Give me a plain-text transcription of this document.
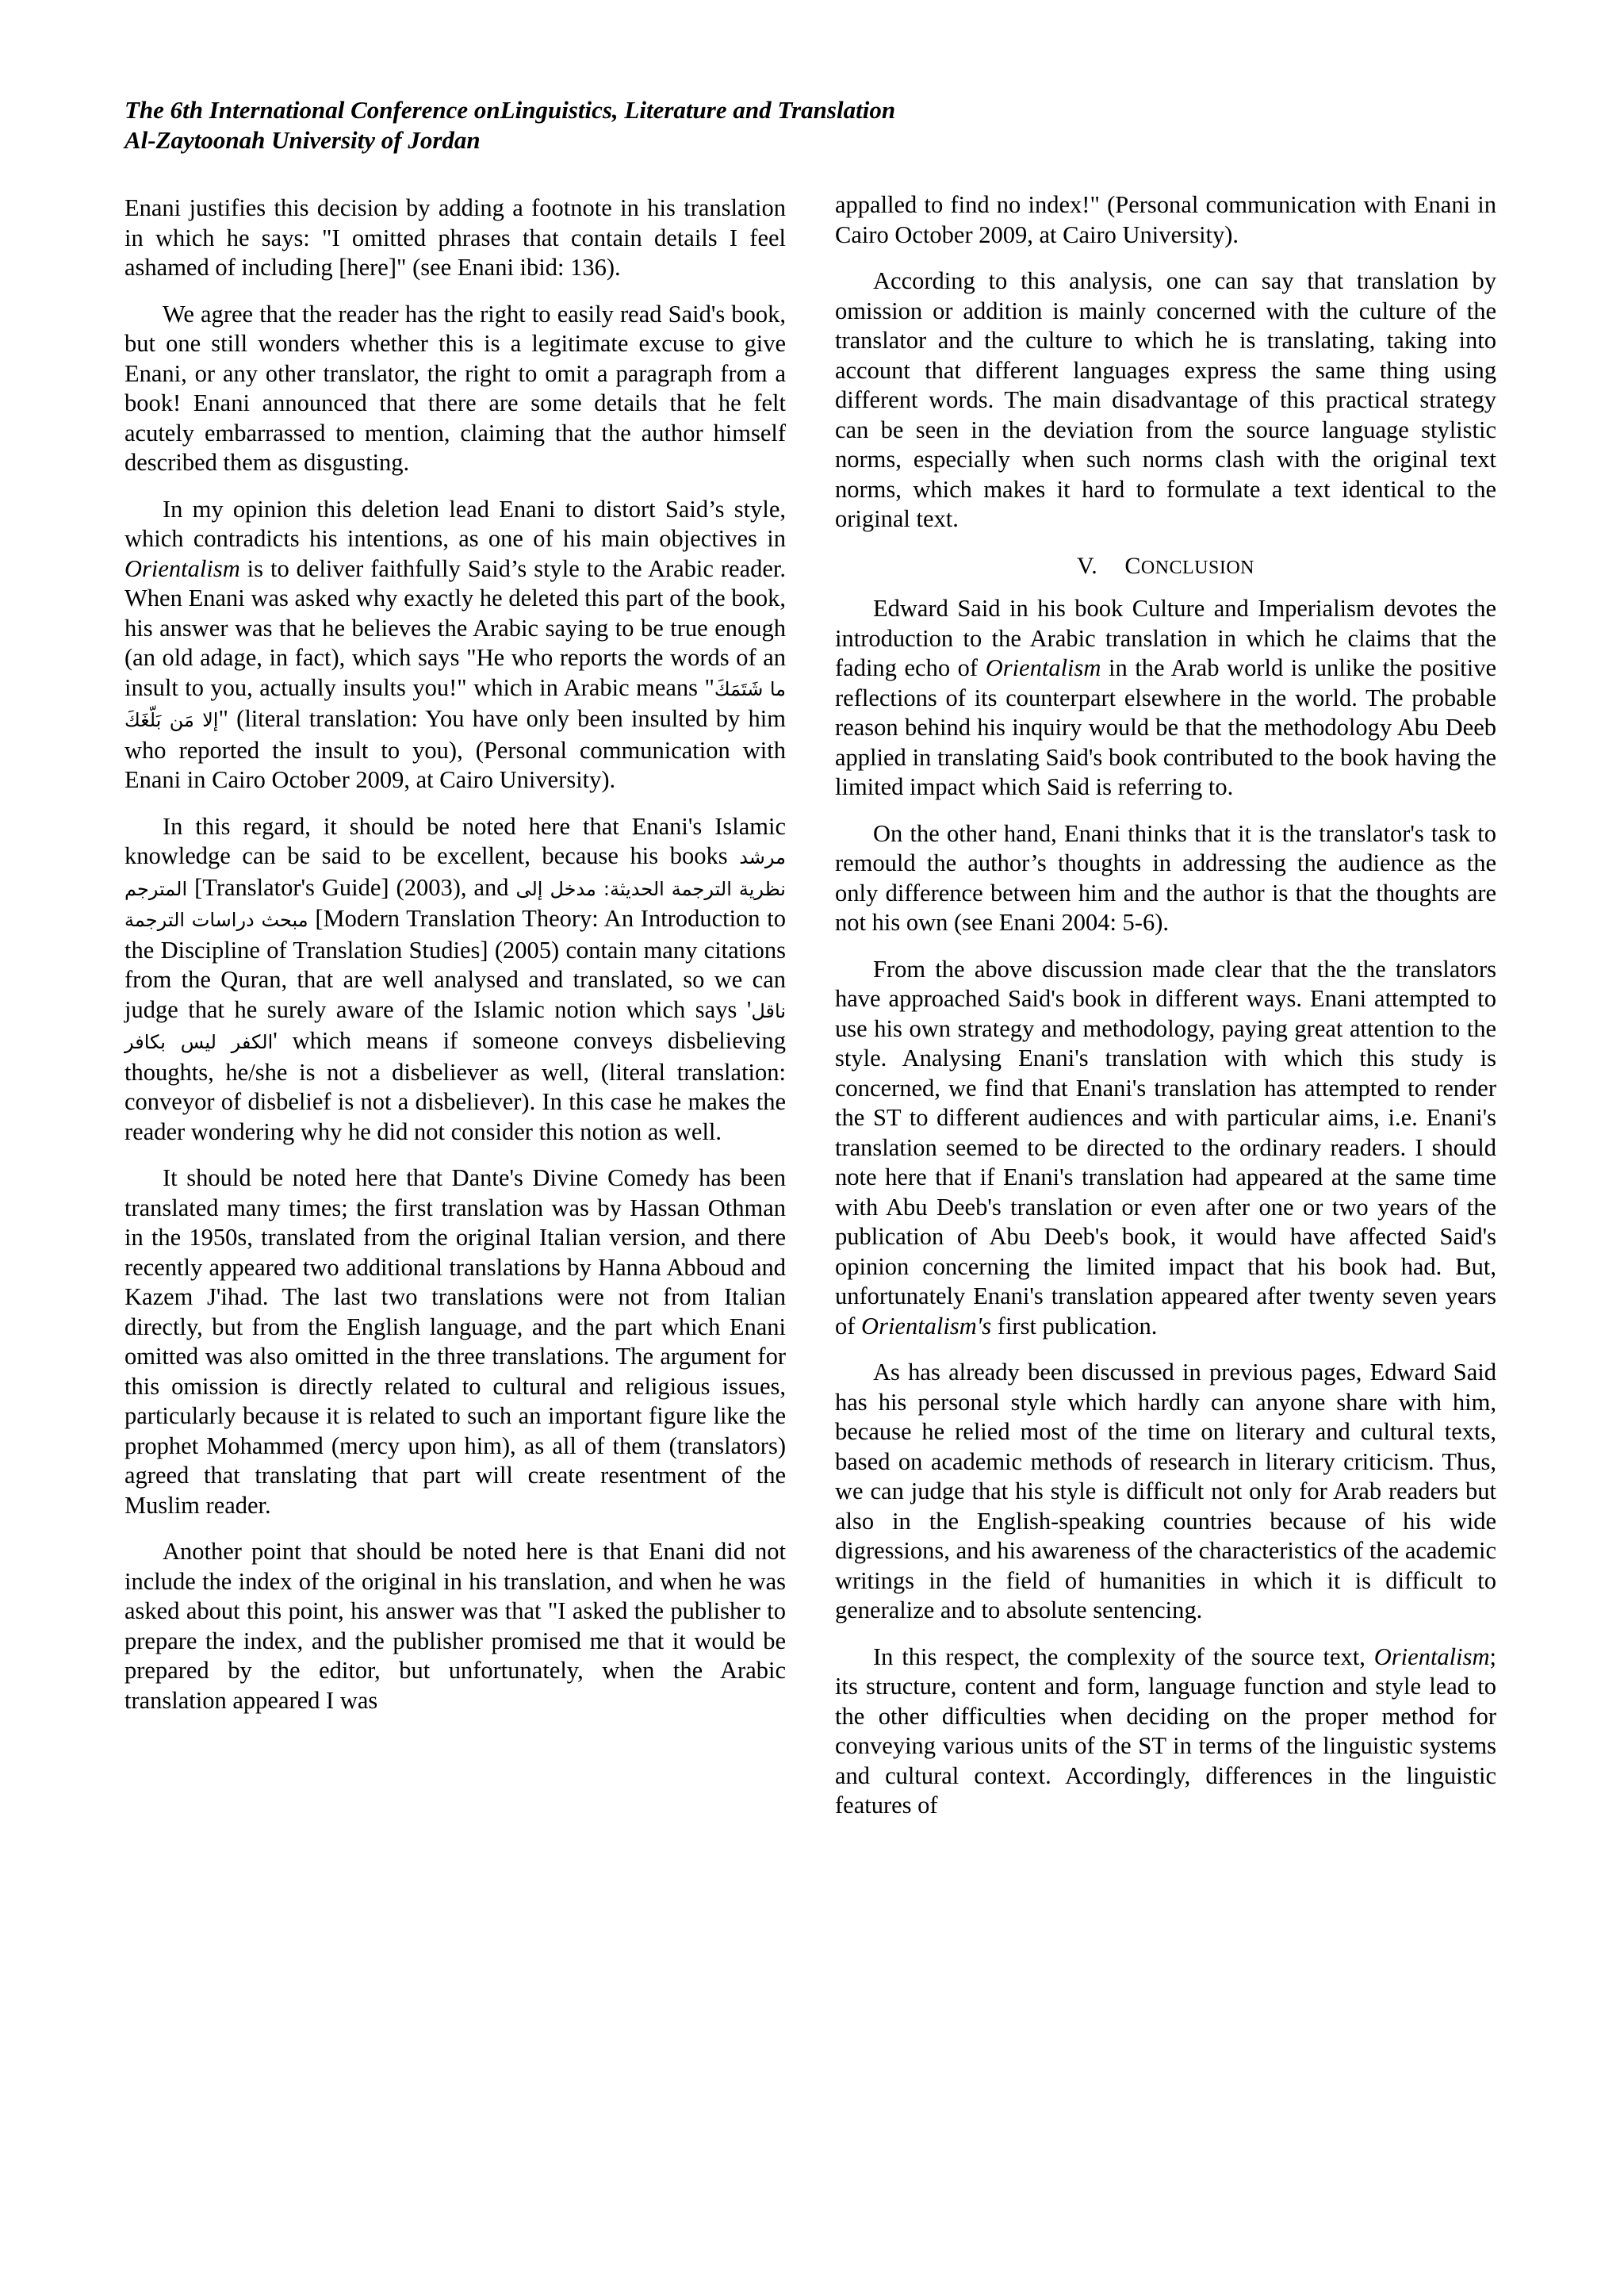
The 6th International Conference onLinguistics, Literature and Translation
Al-Zaytoonah University of Jordan

Enani justifies this decision by adding a footnote in his translation in which he says: "I omitted phrases that contain details I feel ashamed of including [here]" (see Enani ibid: 136).

We agree that the reader has the right to easily read Said's book, but one still wonders whether this is a legitimate excuse to give Enani, or any other translator, the right to omit a paragraph from a book! Enani announced that there are some details that he felt acutely embarrassed to mention, claiming that the author himself described them as disgusting.

In my opinion this deletion lead Enani to distort Said’s style, which contradicts his intentions, as one of his main objectives in Orientalism is to deliver faithfully Said’s style to the Arabic reader. When Enani was asked why exactly he deleted this part of the book, his answer was that he believes the Arabic saying to be true enough (an old adage, in fact), which says "He who reports the words of an insult to you, actually insults you!" which in Arabic means "ما شَتَمَكَ إلا مَن بَلّغَكَ" (literal translation: You have only been insulted by him who reported the insult to you), (Personal communication with Enani in Cairo October 2009, at Cairo University).

In this regard, it should be noted here that Enani's Islamic knowledge can be said to be excellent, because his books مرشد المترجم [Translator's Guide] (2003), and نظرية الترجمة الحديثة: مدخل إلى مبحث دراسات الترجمة [Modern Translation Theory: An Introduction to the Discipline of Translation Studies] (2005) contain many citations from the Quran, that are well analysed and translated, so we can judge that he surely aware of the Islamic notion which says 'ناقل الكفر ليس بكافر' which means if someone conveys disbelieving thoughts, he/she is not a disbeliever as well, (literal translation: conveyor of disbelief is not a disbeliever). In this case he makes the reader wondering why he did not consider this notion as well.

It should be noted here that Dante's Divine Comedy has been translated many times; the first translation was by Hassan Othman in the 1950s, translated from the original Italian version, and there recently appeared two additional translations by Hanna Abboud and Kazem J'ihad. The last two translations were not from Italian directly, but from the English language, and the part which Enani omitted was also omitted in the three translations. The argument for this omission is directly related to cultural and religious issues, particularly because it is related to such an important figure like the prophet Mohammed (mercy upon him), as all of them (translators) agreed that translating that part will create resentment of the Muslim reader.

Another point that should be noted here is that Enani did not include the index of the original in his translation, and when he was asked about this point, his answer was that "I asked the publisher to prepare the index, and the publisher promised me that it would be prepared by the editor, but unfortunately, when the Arabic translation appeared I was

appalled to find no index!" (Personal communication with Enani in Cairo October 2009, at Cairo University).

According to this analysis, one can say that translation by omission or addition is mainly concerned with the culture of the translator and the culture to which he is translating, taking into account that different languages express the same thing using different words. The main disadvantage of this practical strategy can be seen in the deviation from the source language stylistic norms, especially when such norms clash with the original text norms, which makes it hard to formulate a text identical to the original text.

V. CONCLUSION

Edward Said in his book Culture and Imperialism devotes the introduction to the Arabic translation in which he claims that the fading echo of Orientalism in the Arab world is unlike the positive reflections of its counterpart elsewhere in the world. The probable reason behind his inquiry would be that the methodology Abu Deeb applied in translating Said's book contributed to the book having the limited impact which Said is referring to.

On the other hand, Enani thinks that it is the translator's task to remould the author’s thoughts in addressing the audience as the only difference between him and the author is that the thoughts are not his own (see Enani 2004: 5-6).

From the above discussion made clear that the the translators have approached Said's book in different ways. Enani attempted to use his own strategy and methodology, paying great attention to the style. Analysing Enani's translation with which this study is concerned, we find that Enani's translation has attempted to render the ST to different audiences and with particular aims, i.e. Enani's translation seemed to be directed to the ordinary readers. I should note here that if Enani's translation had appeared at the same time with Abu Deeb's translation or even after one or two years of the publication of Abu Deeb's book, it would have affected Said's opinion concerning the limited impact that his book had. But, unfortunately Enani's translation appeared after twenty seven years of Orientalism's first publication.

As has already been discussed in previous pages, Edward Said has his personal style which hardly can anyone share with him, because he relied most of the time on literary and cultural texts, based on academic methods of research in literary criticism. Thus, we can judge that his style is difficult not only for Arab readers but also in the English-speaking countries because of his wide digressions, and his awareness of the characteristics of the academic writings in the field of humanities in which it is difficult to generalize and to absolute sentencing.

In this respect, the complexity of the source text, Orientalism; its structure, content and form, language function and style lead to the other difficulties when deciding on the proper method for conveying various units of the ST in terms of the linguistic systems and cultural context. Accordingly, differences in the linguistic features of
